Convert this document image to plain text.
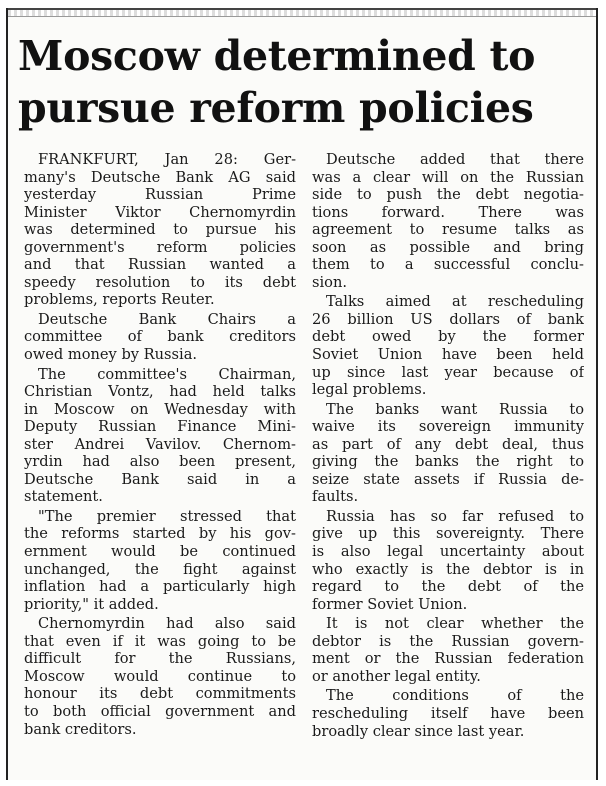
Moscow determined to
pursue reform policies

FRANKFURT, Jan 28: Ger-
many's Deutsche Bank AG said
yesterday Russian Prime
Minister Viktor Chernomyrdin
was determined to pursue his
government's reform policies
and that Russian wanted a
speedy resolution to its debt
problems, reports Reuter.

Deutsche Bank Chairs a
committee of bank creditors
owed money by Russia.

The committee's Chairman,
Christian Vontz, had held talks
in Moscow on Wednesday with
Deputy Russian Finance Mini-
ster Andrei Vavilov. Chernom-
yrdin had also been present,
Deutsche Bank said in a
statement.

"The premier stressed that
the reforms started by his gov-
ernment would be continued
unchanged, the fight against
inflation had a particularly high
priority," it added.

Chernomyrdin had also said
that even if it was going to be
difficult for the Russians,
Moscow would continue to
honour its debt commitments
to both official government and
bank creditors.

Deutsche added that there
was a clear will on the Russian
side to push the debt negotia-
tions forward. There was
agreement to resume talks as
soon as possible and bring
them to a successful conclu-
sion.

Talks aimed at rescheduling
26 billion US dollars of bank
debt owed by the former
Soviet Union have been held
up since last year because of
legal problems.

The banks want Russia to
waive its sovereign immunity
as part of any debt deal, thus
giving the banks the right to
seize state assets if Russia de-
faults.

Russia has so far refused to
give up this sovereignty. There
is also legal uncertainty about
who exactly is the debtor is in
regard to the debt of the
former Soviet Union.

It is not clear whether the
debtor is the Russian govern-
ment or the Russian federation
or another legal entity.

The conditions of the
rescheduling itself have been
broadly clear since last year.
